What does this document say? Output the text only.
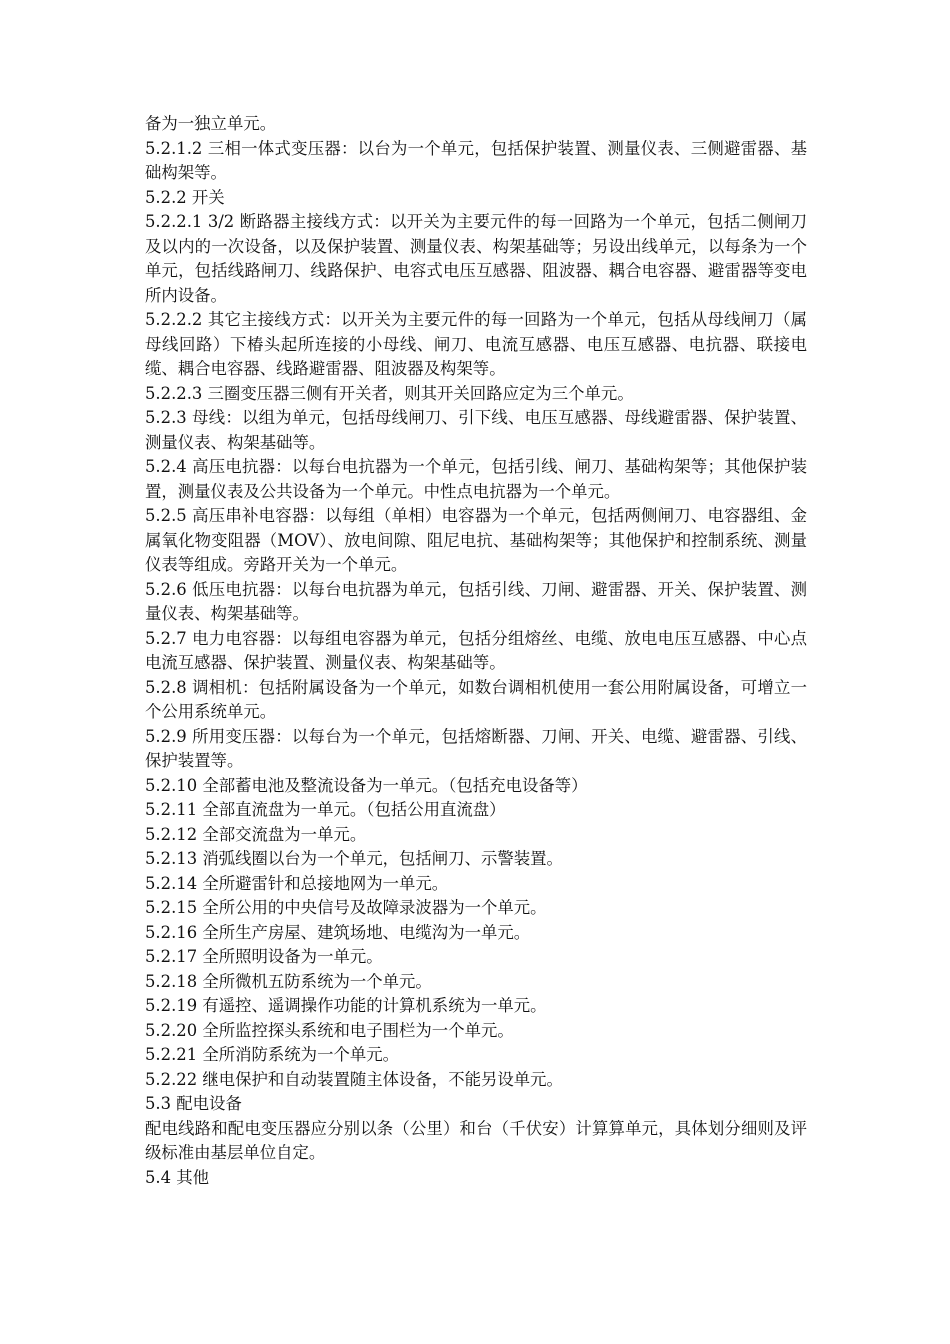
备为一独立单元。

5.2.1.2 三相一体式变压器：以台为一个单元，包括保护装置、测量仪表、三侧避雷器、基础构架等。

5.2.2 开关

5.2.2.1 3/2 断路器主接线方式：以开关为主要元件的每一回路为一个单元，包括二侧闸刀及以内的一次设备，以及保护装置、测量仪表、构架基础等；另设出线单元，以每条为一个单元，包括线路闸刀、线路保护、电容式电压互感器、阻波器、耦合电容器、避雷器等变电所内设备。

5.2.2.2 其它主接线方式：以开关为主要元件的每一回路为一个单元，包括从母线闸刀（属母线回路）下椿头起所连接的小母线、闸刀、电流互感器、电压互感器、电抗器、联接电缆、耦合电容器、线路避雷器、阻波器及构架等。

5.2.2.3 三圈变压器三侧有开关者，则其开关回路应定为三个单元。

5.2.3 母线：以组为单元，包括母线闸刀、引下线、电压互感器、母线避雷器、保护装置、测量仪表、构架基础等。

5.2.4 高压电抗器：以每台电抗器为一个单元，包括引线、闸刀、基础构架等；其他保护装置，测量仪表及公共设备为一个单元。中性点电抗器为一个单元。

5.2.5 高压串补电容器：以每组（单相）电容器为一个单元，包括两侧闸刀、电容器组、金属氧化物变阻器（MOV）、放电间隙、阻尼电抗、基础构架等；其他保护和控制系统、测量仪表等组成。旁路开关为一个单元。

5.2.6 低压电抗器：以每台电抗器为单元，包括引线、刀闸、避雷器、开关、保护装置、测量仪表、构架基础等。

5.2.7 电力电容器：以每组电容器为单元，包括分组熔丝、电缆、放电电压互感器、中心点电流互感器、保护装置、测量仪表、构架基础等。

5.2.8 调相机：包括附属设备为一个单元，如数台调相机使用一套公用附属设备，可增立一个公用系统单元。

5.2.9 所用变压器：以每台为一个单元，包括熔断器、刀闸、开关、电缆、避雷器、引线、保护装置等。

5.2.10 全部蓄电池及整流设备为一单元。（包括充电设备等）

5.2.11 全部直流盘为一单元。（包括公用直流盘）

5.2.12 全部交流盘为一单元。

5.2.13 消弧线圈以台为一个单元，包括闸刀、示警装置。

5.2.14 全所避雷针和总接地网为一单元。

5.2.15 全所公用的中央信号及故障录波器为一个单元。

5.2.16 全所生产房屋、建筑场地、电缆沟为一单元。

5.2.17 全所照明设备为一单元。

5.2.18 全所微机五防系统为一个单元。

5.2.19 有遥控、遥调操作功能的计算机系统为一单元。

5.2.20 全所监控探头系统和电子围栏为一个单元。

5.2.21 全所消防系统为一个单元。

5.2.22 继电保护和自动装置随主体设备，不能另设单元。

5.3 配电设备

配电线路和配电变压器应分别以条（公里）和台（千伏安）计算算单元，具体划分细则及评级标准由基层单位自定。

5.4 其他
